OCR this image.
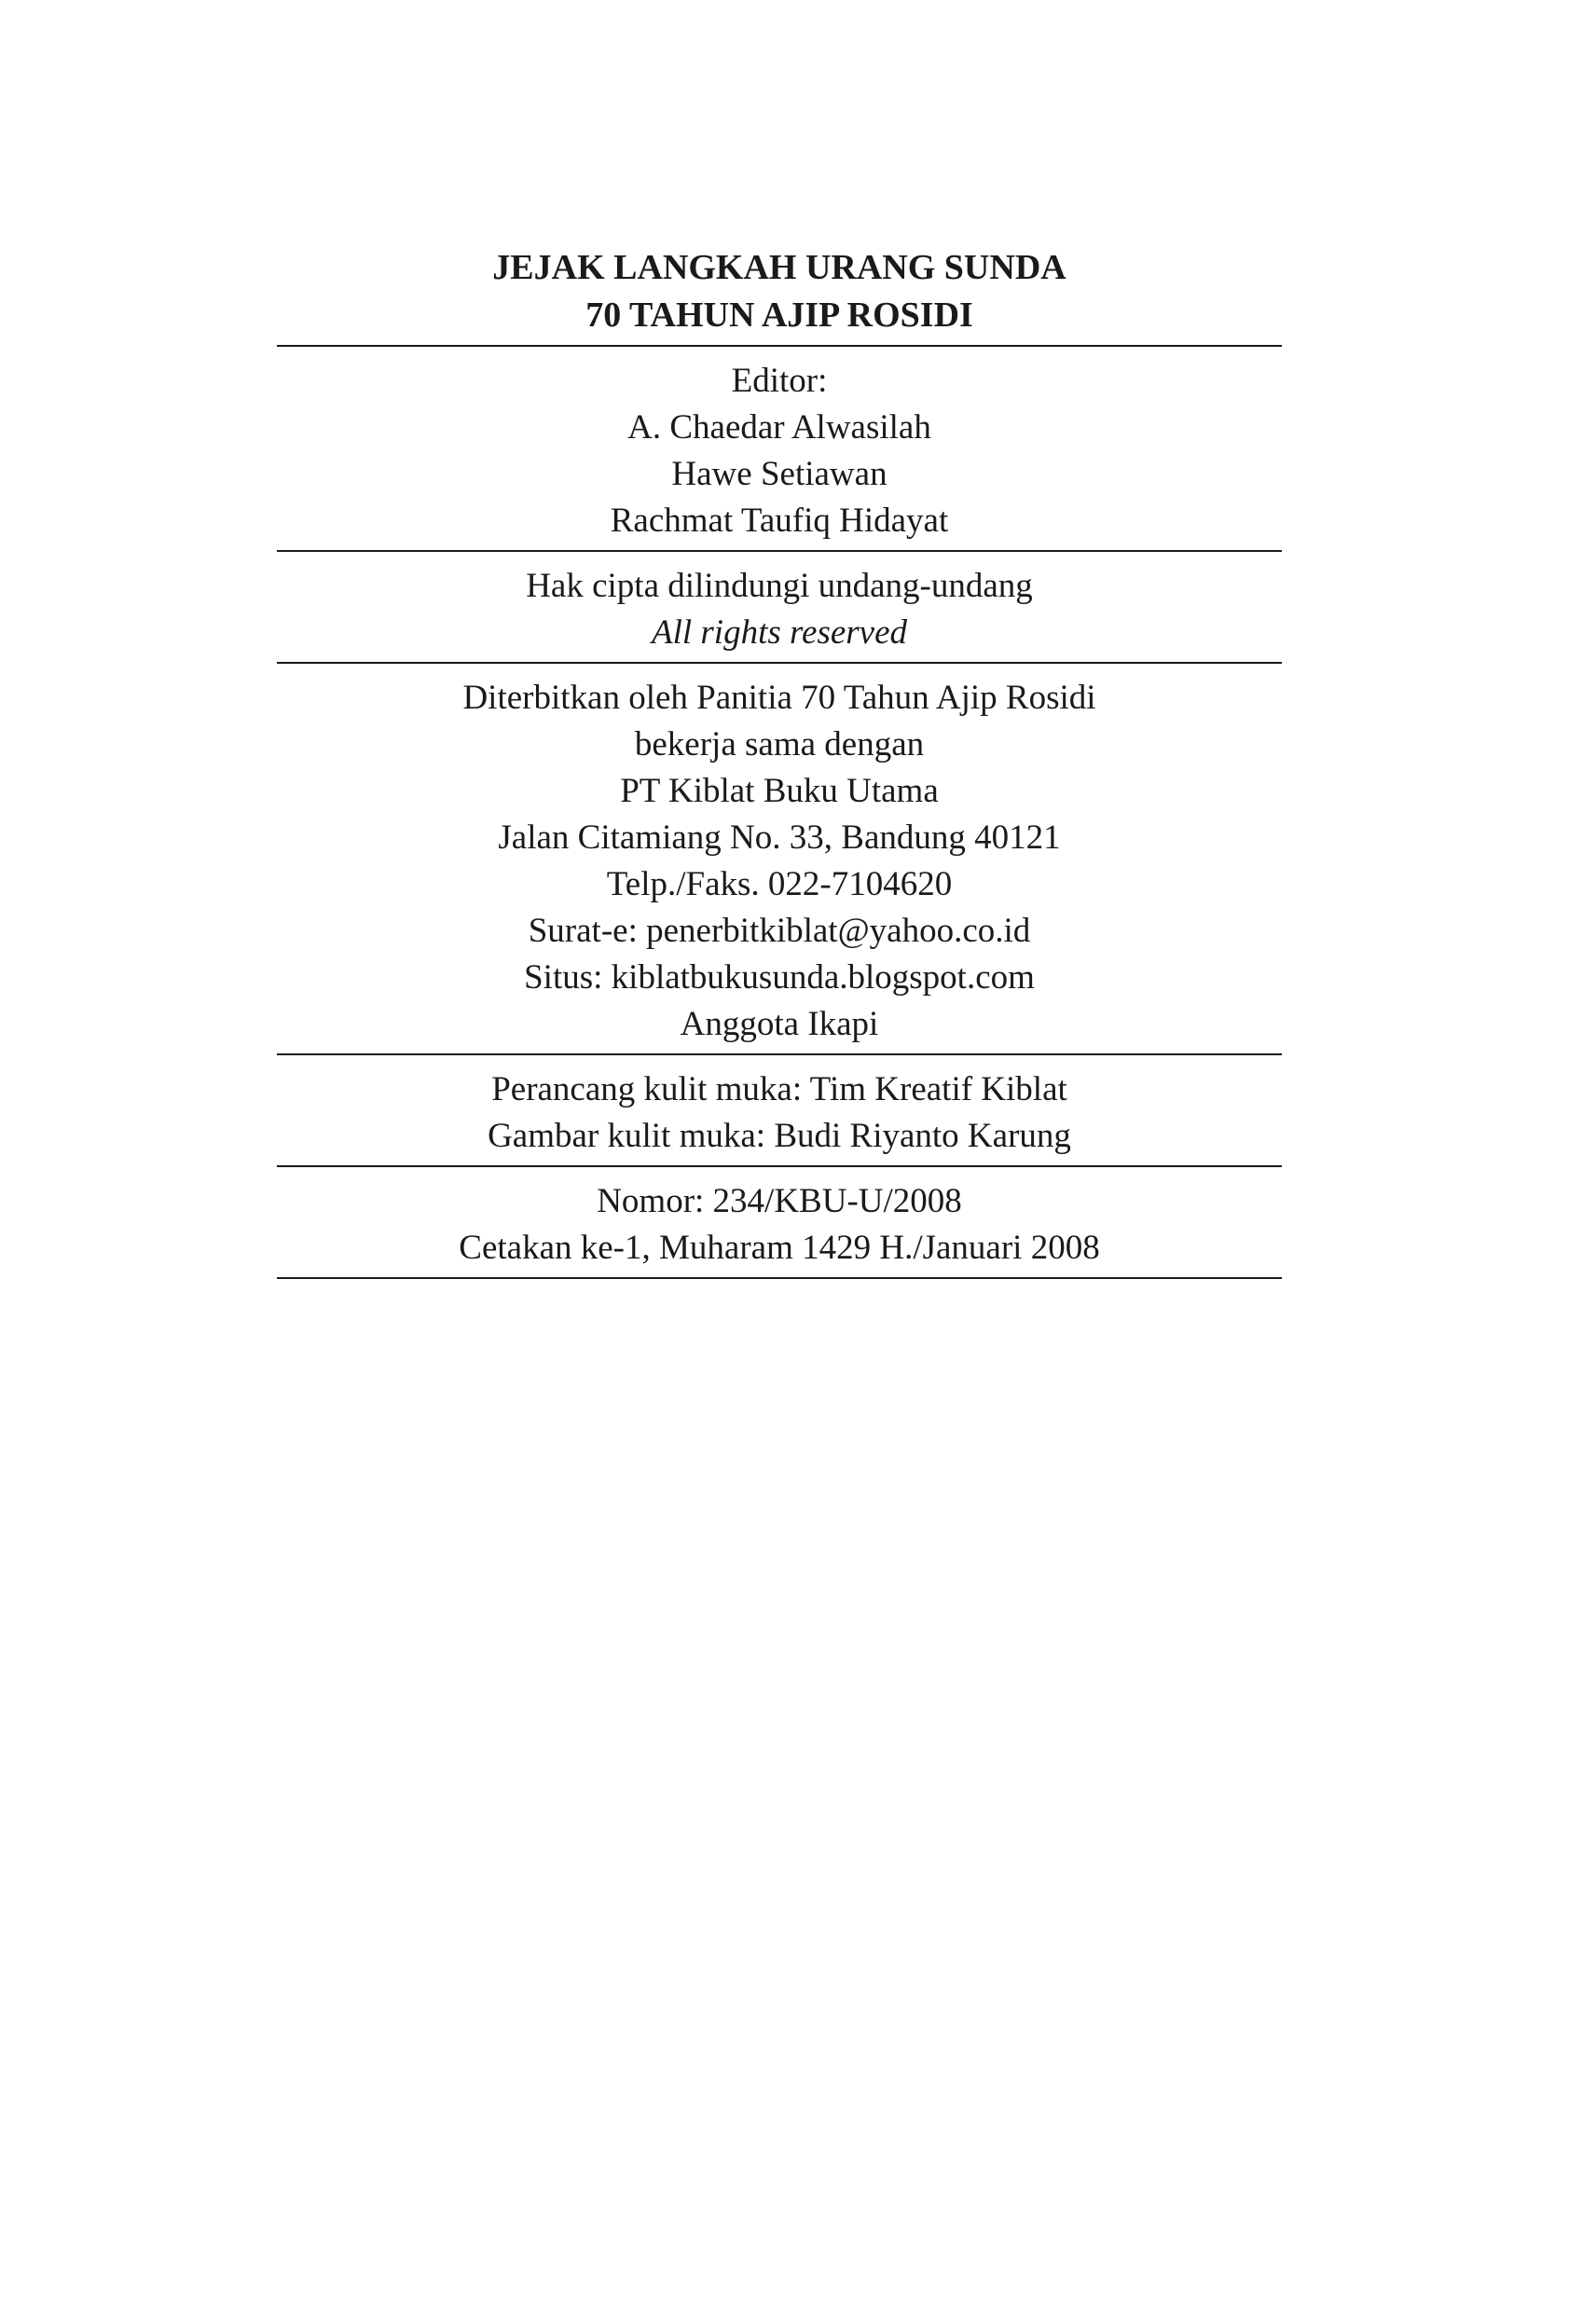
JEJAK LANGKAH URANG SUNDA
70 TAHUN AJIP ROSIDI
Editor:
A. Chaedar Alwasilah
Hawe Setiawan
Rachmat Taufiq Hidayat
Hak cipta dilindungi undang-undang
All rights reserved
Diterbitkan oleh Panitia 70 Tahun Ajip Rosidi
bekerja sama dengan
PT Kiblat Buku Utama
Jalan Citamiang No. 33, Bandung 40121
Telp./Faks. 022-7104620
Surat-e: penerbitkiblat@yahoo.co.id
Situs: kiblatbukusunda.blogspot.com
Anggota Ikapi
Perancang kulit muka: Tim Kreatif Kiblat
Gambar kulit muka: Budi Riyanto Karung
Nomor: 234/KBU-U/2008
Cetakan ke-1, Muharam 1429 H./Januari 2008
